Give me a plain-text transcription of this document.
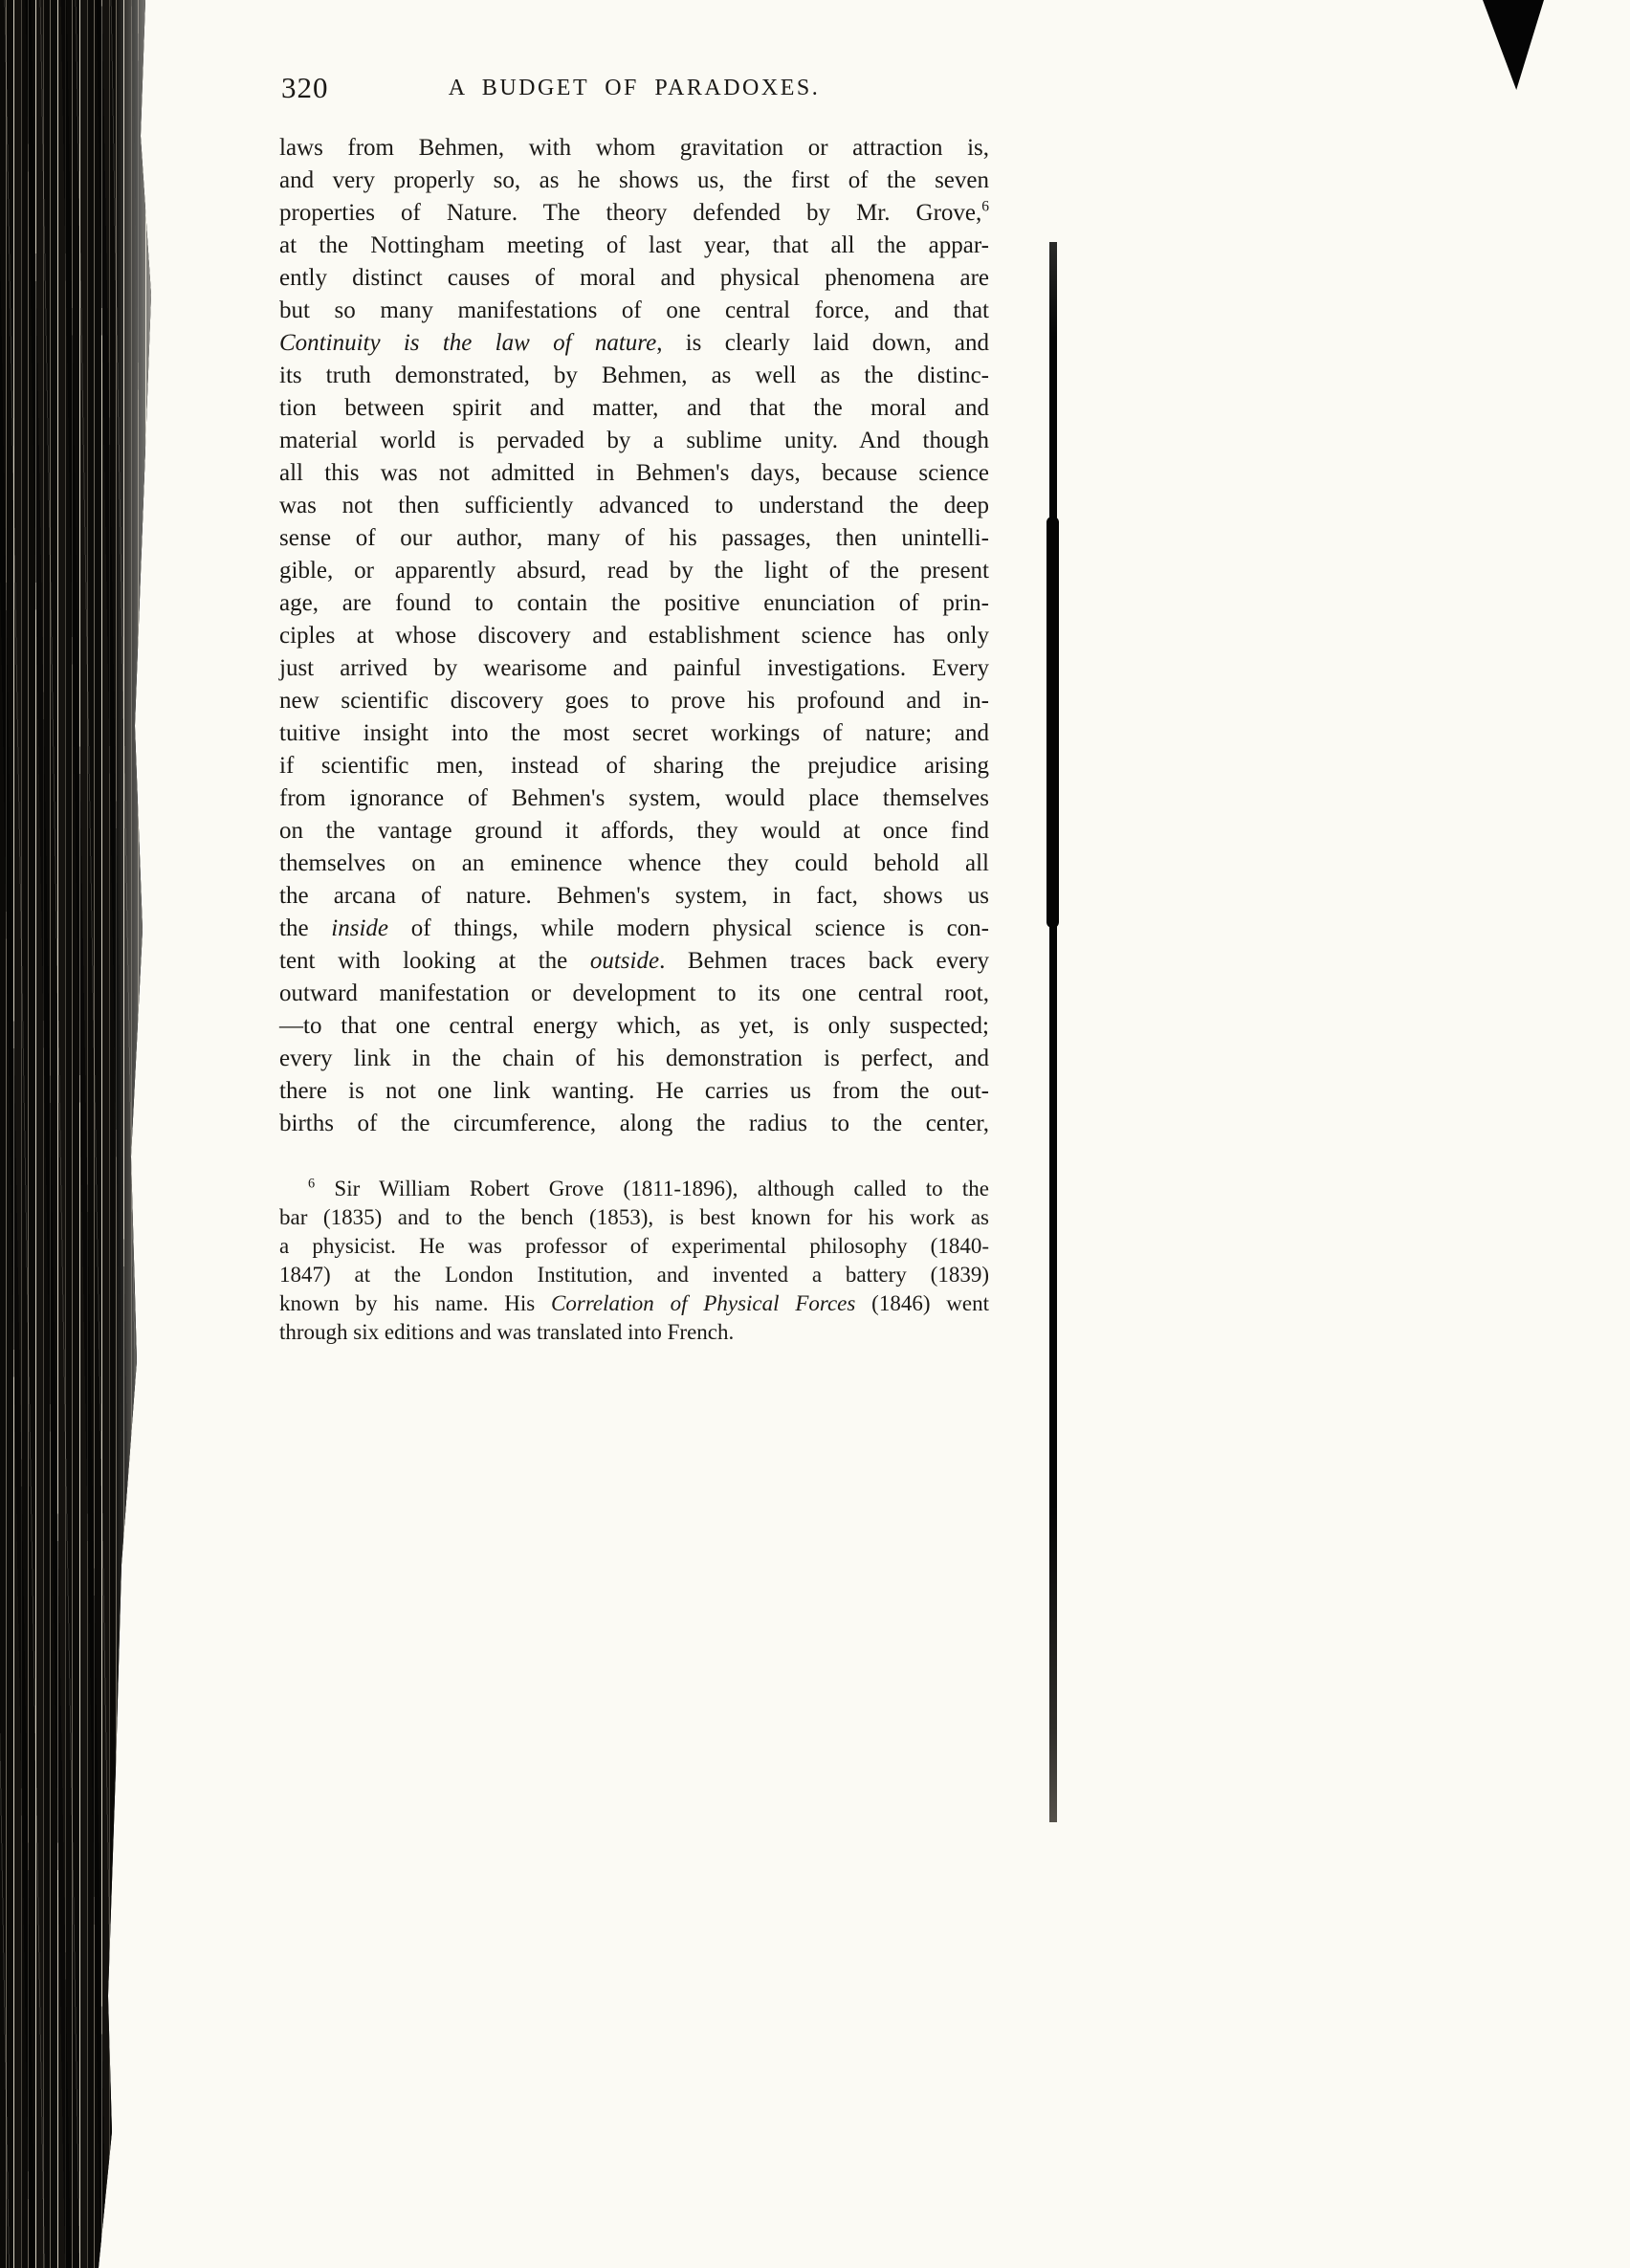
320	A BUDGET OF PARADOXES.
laws from Behmen, with whom gravitation or attraction is,
and very properly so, as he shows us, the first of the seven
properties of Nature. The theory defended by Mr. Grove,$^6$
at the Nottingham meeting of last year, that all the appar-
ently distinct causes of moral and physical phenomena are
but so many manifestations of one central force, and that
Continuity is the law of nature, is clearly laid down, and
its truth demonstrated, by Behmen, as well as the distinc-
tion between spirit and matter, and that the moral and
material world is pervaded by a sublime unity. And though
all this was not admitted in Behmen's days, because science
was not then sufficiently advanced to understand the deep
sense of our author, many of his passages, then unintelli-
gible, or apparently absurd, read by the light of the present
age, are found to contain the positive enunciation of prin-
ciples at whose discovery and establishment science has only
just arrived by wearisome and painful investigations. Every
new scientific discovery goes to prove his profound and in-
tuitive insight into the most secret workings of nature; and
if scientific men, instead of sharing the prejudice arising
from ignorance of Behmen's system, would place themselves
on the vantage ground it affords, they would at once find
themselves on an eminence whence they could behold all
the arcana of nature. Behmen's system, in fact, shows us
the inside of things, while modern physical science is con-
tent with looking at the outside. Behmen traces back every
outward manifestation or development to its one central root,
—to that one central energy which, as yet, is only suspected;
every link in the chain of his demonstration is perfect, and
there is not one link wanting. He carries us from the out-
births of the circumference, along the radius to the center,
$^6$ Sir William Robert Grove (1811-1896), although called to the
bar (1835) and to the bench (1853), is best known for his work as
a physicist. He was professor of experimental philosophy (1840-
1847) at the London Institution, and invented a battery (1839)
known by his name. His Correlation of Physical Forces (1846) went
through six editions and was translated into French.
